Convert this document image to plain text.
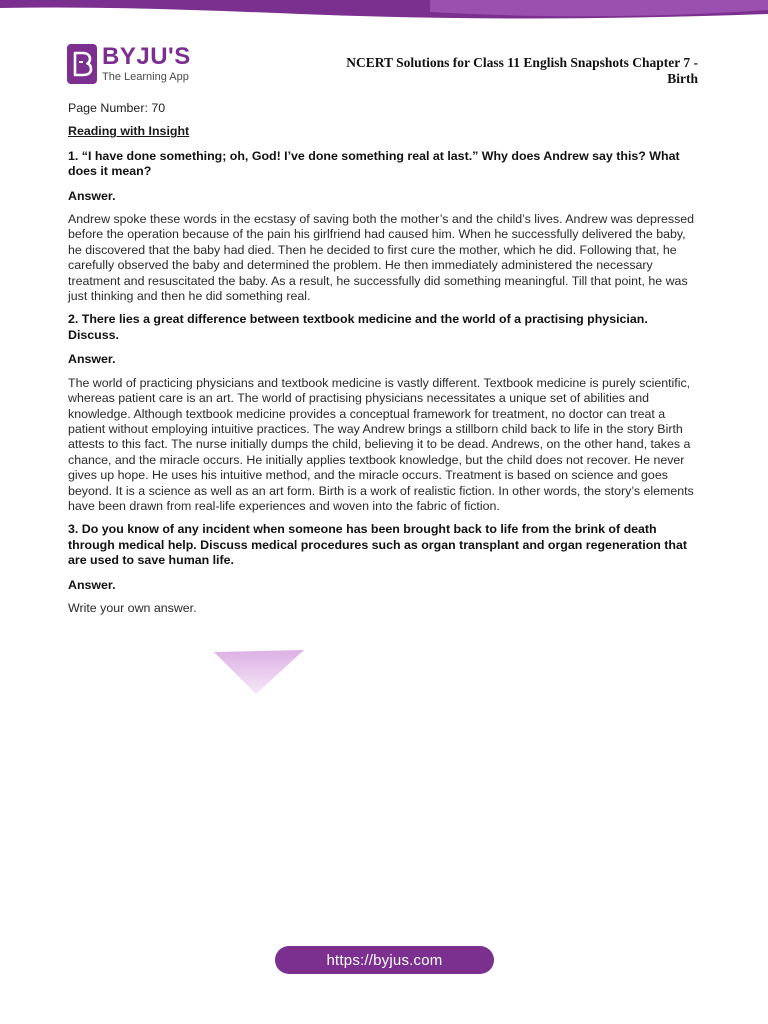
BYJU'S
The Learning App
NCERT Solutions for Class 11 English Snapshots Chapter 7 -
Birth

Page Number: 70

Reading with Insight

1. “I have done something; oh, God! I’ve done something real at last.” Why does Andrew say this? What does it mean?

Answer.

Andrew spoke these words in the ecstasy of saving both the mother’s and the child’s lives. Andrew was depressed before the operation because of the pain his girlfriend had caused him. When he successfully delivered the baby, he discovered that the baby had died. Then he decided to first cure the mother, which he did. Following that, he carefully observed the baby and determined the problem. He then immediately administered the necessary treatment and resuscitated the baby. As a result, he successfully did something meaningful. Till that point, he was just thinking and then he did something real.

2. There lies a great difference between textbook medicine and the world of a practising physician. Discuss.

Answer.

The world of practicing physicians and textbook medicine is vastly different. Textbook medicine is purely scientific, whereas patient care is an art. The world of practising physicians necessitates a unique set of abilities and knowledge. Although textbook medicine provides a conceptual framework for treatment, no doctor can treat a patient without employing intuitive practices. The way Andrew brings a stillborn child back to life in the story Birth attests to this fact. The nurse initially dumps the child, believing it to be dead. Andrews, on the other hand, takes a chance, and the miracle occurs. He initially applies textbook knowledge, but the child does not recover. He never gives up hope. He uses his intuitive method, and the miracle occurs. Treatment is based on science and goes beyond. It is a science as well as an art form. Birth is a work of realistic fiction. In other words, the story’s elements have been drawn from real-life experiences and woven into the fabric of fiction.

3. Do you know of any incident when someone has been brought back to life from the brink of death through medical help. Discuss medical procedures such as organ transplant and organ regeneration that are used to save human life.

Answer.

Write your own answer.

https://byjus.com
